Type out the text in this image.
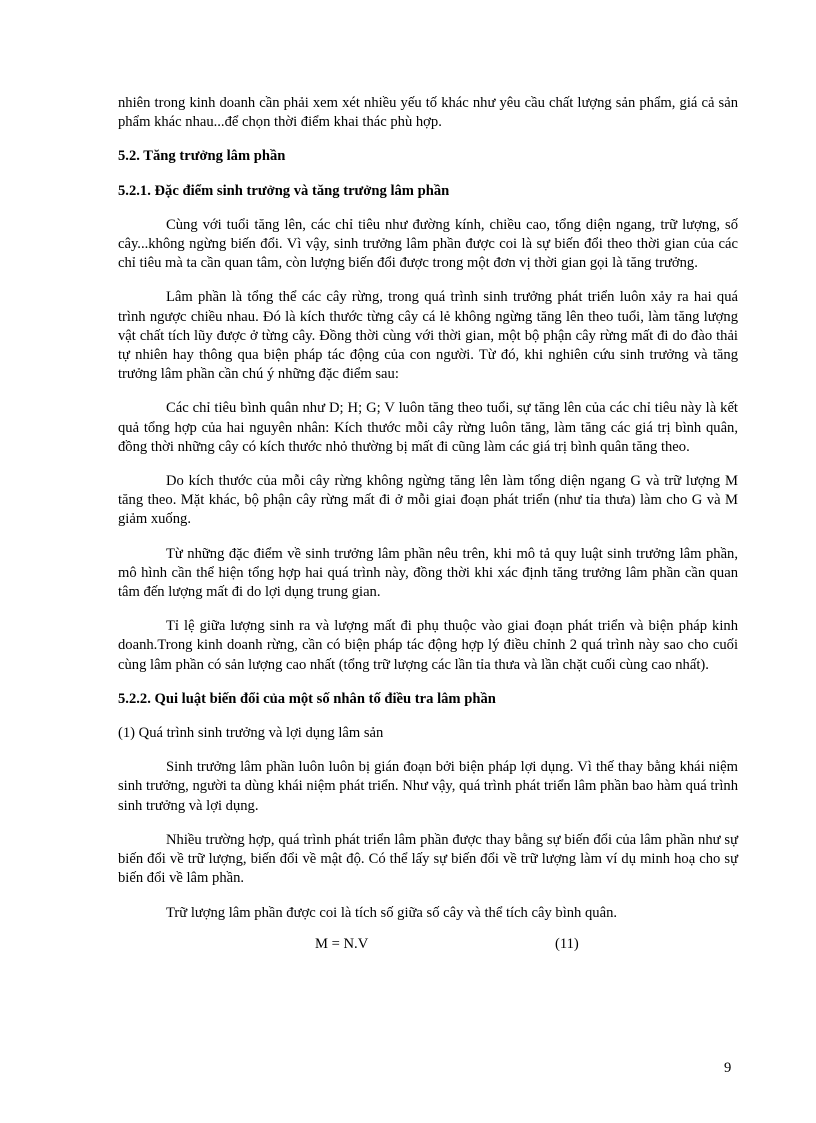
nhiên trong kinh doanh cần phải xem xét nhiều yếu tố khác như yêu cầu chất lượng sản phẩm, giá cả sản phẩm khác nhau...để chọn thời điểm khai thác phù hợp.

5.2. Tăng trưởng lâm phần

5.2.1. Đặc điểm sinh trưởng và tăng trưởng lâm phần

Cùng với tuổi tăng lên, các chỉ tiêu như đường kính, chiều cao, tổng diện ngang, trữ lượng, số cây...không ngừng biến đổi. Vì vậy, sinh trưởng lâm phần được coi là sự biến đổi theo thời gian của các chỉ tiêu mà ta cần quan tâm, còn lượng biến đổi được trong một đơn vị thời gian gọi là tăng trưởng.

Lâm phần là tổng thể các cây rừng, trong quá trình sinh trưởng phát triển luôn xảy ra hai quá trình ngược chiều nhau. Đó là kích thước từng cây cá lẻ không ngừng tăng lên theo tuổi, làm tăng lượng vật chất tích lũy được ở từng cây. Đồng thời cùng với thời gian, một bộ phận cây rừng mất đi do đào thải tự nhiên hay thông qua biện pháp tác động của con người. Từ đó, khi nghiên cứu sinh trưởng và tăng trưởng lâm phần cần chú ý những đặc điểm sau:

Các chỉ tiêu bình quân như D; H; G; V luôn tăng theo tuổi, sự tăng lên của các chỉ tiêu này là kết quả tổng hợp của hai nguyên nhân: Kích thước mỗi cây rừng luôn tăng, làm tăng các giá trị bình quân, đồng thời những cây có kích thước nhỏ thường bị mất đi cũng làm các giá trị bình quân tăng theo.

Do kích thước của mỗi cây rừng không ngừng tăng lên làm tổng diện ngang G và trữ lượng M tăng theo. Mặt khác, bộ phận cây rừng mất đi ở mỗi giai đoạn phát triển (như tỉa thưa) làm cho G và M giảm xuống.

Từ những đặc điểm về sinh trưởng lâm phần nêu trên, khi mô tả quy luật sinh trưởng lâm phần, mô hình cần thể hiện tổng hợp hai quá trình này, đồng thời khi xác định tăng trưởng lâm phần cần quan tâm đến lượng mất đi do lợi dụng trung gian.

Tỉ lệ giữa lượng sinh ra và lượng mất đi phụ thuộc vào giai đoạn phát triển và biện pháp kinh doanh.Trong kinh doanh rừng, cần có biện pháp tác động hợp lý điều chỉnh 2 quá trình này sao cho cuối cùng lâm phần có sản lượng cao nhất (tổng trữ lượng các lần tỉa thưa và lần chặt cuối cùng cao nhất).

5.2.2. Qui luật biến đổi của một số nhân tố điều tra lâm phần

(1) Quá trình sinh trưởng và lợi dụng lâm sản

Sinh trưởng lâm phần luôn luôn bị gián đoạn bởi biện pháp lợi dụng. Vì thế thay bằng khái niệm sinh trưởng, người ta dùng khái niệm phát triển. Như vậy, quá trình phát triển lâm phần bao hàm quá trình sinh trưởng và lợi dụng.

Nhiều trường hợp, quá trình phát triển lâm phần được thay bằng sự biến đổi của lâm phần như sự biến đổi về trữ lượng, biến đổi về mật độ. Có thể lấy sự biến đổi về trữ lượng làm ví dụ minh hoạ cho sự biến đổi về lâm phần.

Trữ lượng lâm phần được coi là tích số giữa số cây và thể tích cây bình quân.

M = N.V	(11)
9
